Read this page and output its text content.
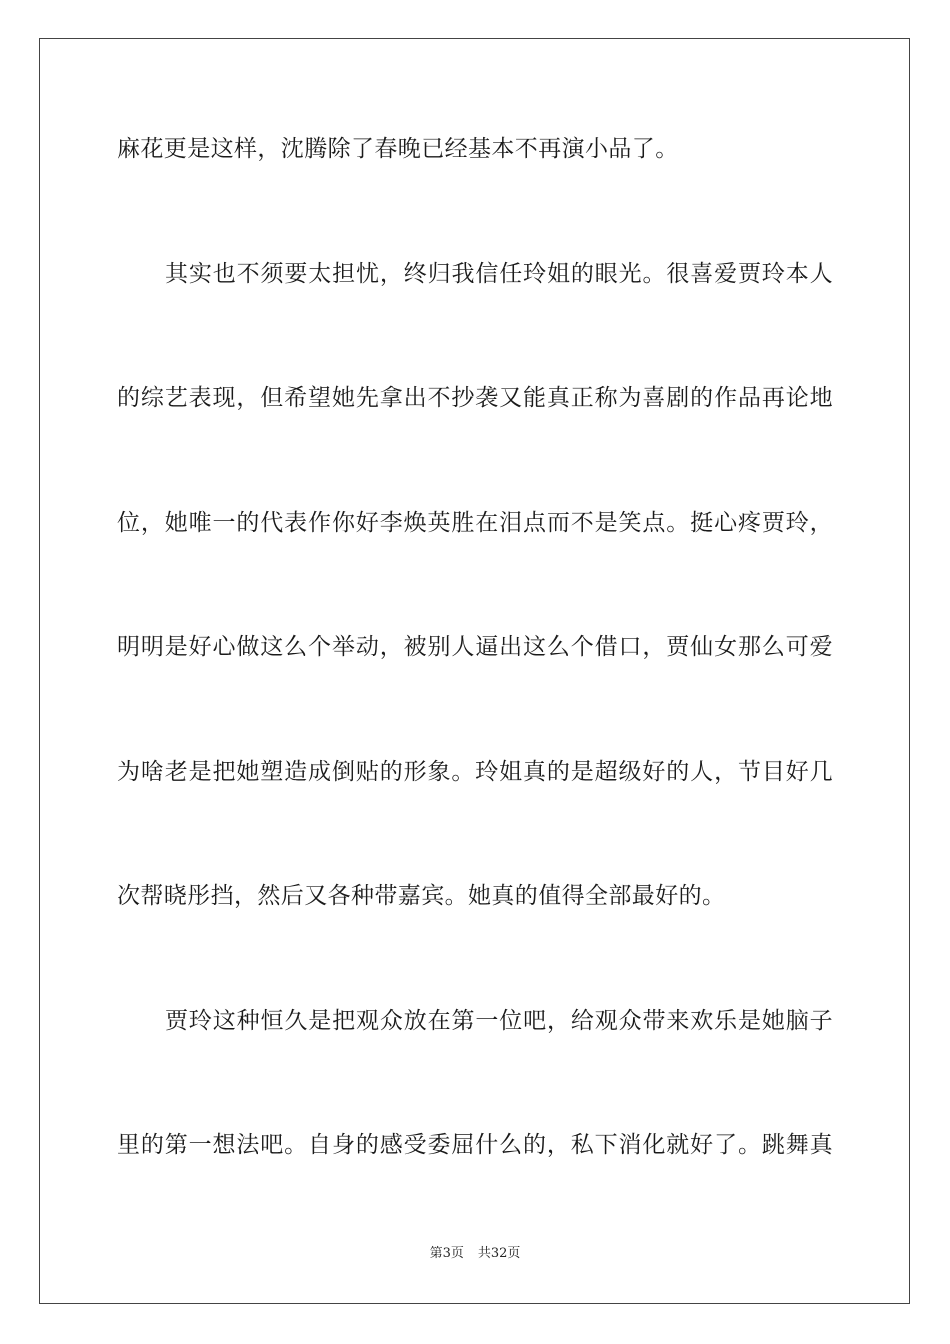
麻花更是这样，沈腾除了春晚已经基本不再演小品了。
其实也不须要太担忧，终归我信任玲姐的眼光。很喜爱贾玲本人
的综艺表现，但希望她先拿出不抄袭又能真正称为喜剧的作品再论地
位，她唯一的代表作你好李焕英胜在泪点而不是笑点。挺心疼贾玲，
明明是好心做这么个举动，被别人逼出这么个借口，贾仙女那么可爱
为啥老是把她塑造成倒贴的形象。玲姐真的是超级好的人，节目好几
次帮晓彤挡，然后又各种带嘉宾。她真的值得全部最好的。
贾玲这种恒久是把观众放在第一位吧，给观众带来欢乐是她脑子
里的第一想法吧。自身的感受委屈什么的，私下消化就好了。跳舞真
第3页 共32页
